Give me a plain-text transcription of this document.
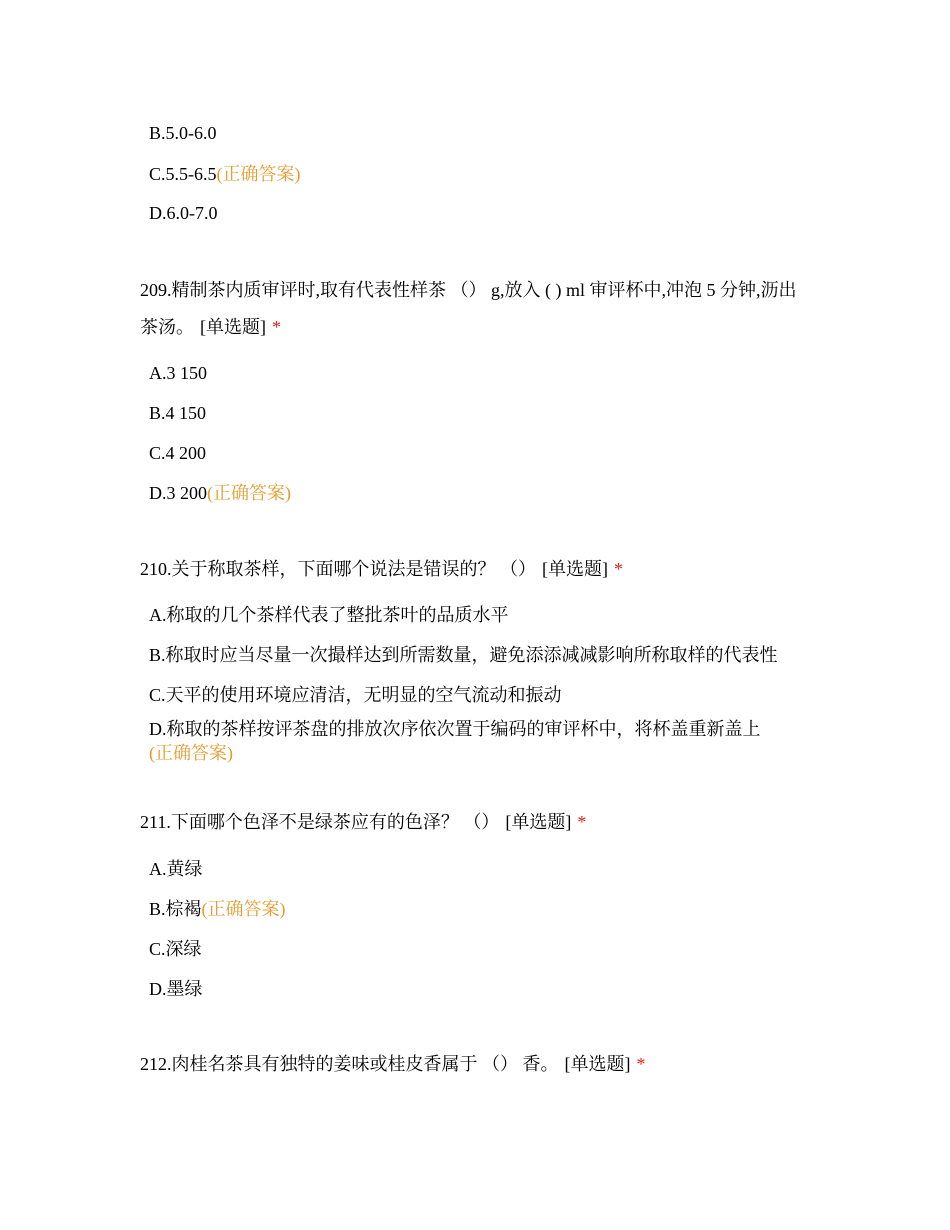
B.5.0-6.0
C.5.5-6.5(正确答案)
D.6.0-7.0
209.精制茶内质审评时,取有代表性样茶 （） g,放入 ( ) ml 审评杯中,冲泡 5 分钟,沥出茶汤。 [单选题] *
A.3 150
B.4 150
C.4 200
D.3 200(正确答案)
210.关于称取茶样，下面哪个说法是错误的？ （） [单选题] *
A.称取的几个茶样代表了整批茶叶的品质水平
B.称取时应当尽量一次撮样达到所需数量，避免添添减减影响所称取样的代表性
C.天平的使用环境应清洁，无明显的空气流动和振动
D.称取的茶样按评茶盘的排放次序依次置于编码的审评杯中，将杯盖重新盖上
(正确答案)
211.下面哪个色泽不是绿茶应有的色泽？ （） [单选题] *
A.黄绿
B.棕褐(正确答案)
C.深绿
D.墨绿
212.肉桂名茶具有独特的姜味或桂皮香属于 （） 香。 [单选题] *
